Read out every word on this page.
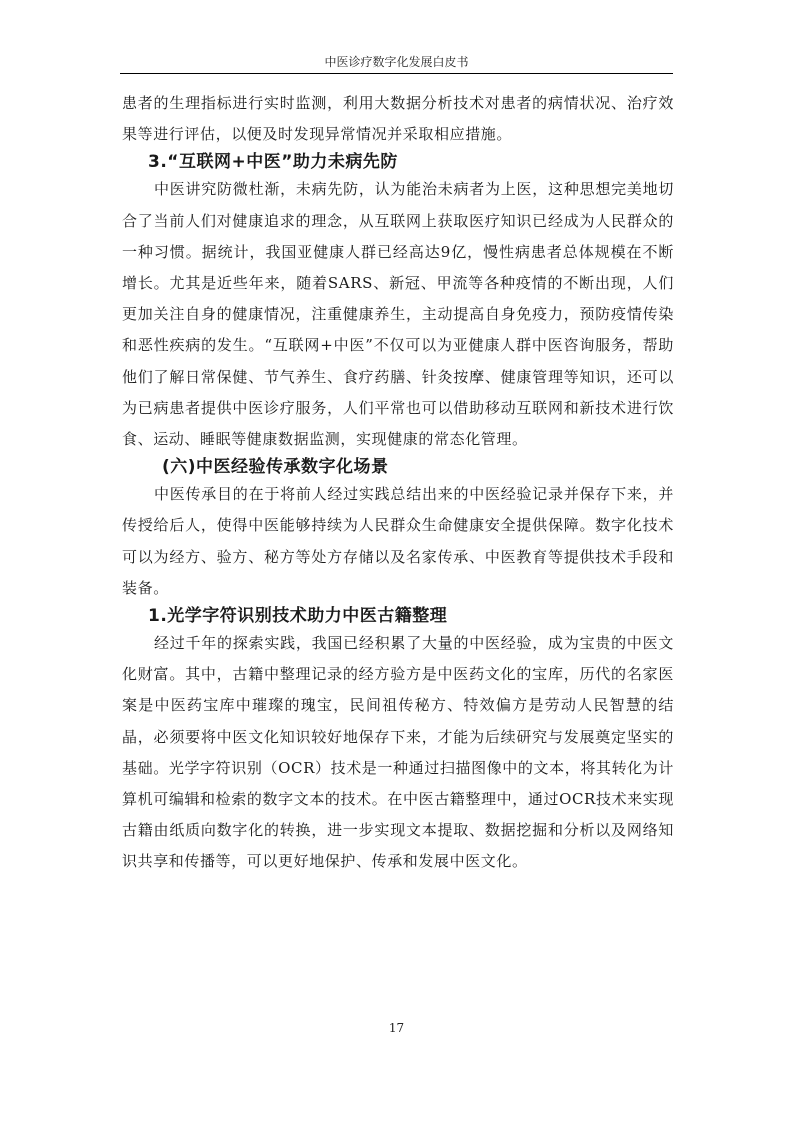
中医诊疗数字化发展白皮书

患者的生理指标进行实时监测，利用大数据分析技术对患者的病情状况、治疗效果等进行评估，以便及时发现异常情况并采取相应措施。

3.“互联网+中医”助力未病先防

中医讲究防微杜渐，未病先防，认为能治未病者为上医，这种思想完美地切合了当前人们对健康追求的理念，从互联网上获取医疗知识已经成为人民群众的一种习惯。据统计，我国亚健康人群已经高达9亿，慢性病患者总体规模在不断增长。尤其是近些年来，随着SARS、新冠、甲流等各种疫情的不断出现，人们更加关注自身的健康情况，注重健康养生，主动提高自身免疫力，预防疫情传染和恶性疾病的发生。“互联网+中医”不仅可以为亚健康人群中医咨询服务，帮助他们了解日常保健、节气养生、食疗药膳、针灸按摩、健康管理等知识，还可以为已病患者提供中医诊疗服务，人们平常也可以借助移动互联网和新技术进行饮食、运动、睡眠等健康数据监测，实现健康的常态化管理。

(六)中医经验传承数字化场景

中医传承目的在于将前人经过实践总结出来的中医经验记录并保存下来，并传授给后人，使得中医能够持续为人民群众生命健康安全提供保障。数字化技术可以为经方、验方、秘方等处方存储以及名家传承、中医教育等提供技术手段和装备。

1.光学字符识别技术助力中医古籍整理

经过千年的探索实践，我国已经积累了大量的中医经验，成为宝贵的中医文化财富。其中，古籍中整理记录的经方验方是中医药文化的宝库，历代的名家医案是中医药宝库中璀璨的瑰宝，民间祖传秘方、特效偏方是劳动人民智慧的结晶，必须要将中医文化知识较好地保存下来，才能为后续研究与发展奠定坚实的基础。光学字符识别（OCR）技术是一种通过扫描图像中的文本，将其转化为计算机可编辑和检索的数字文本的技术。在中医古籍整理中，通过OCR技术来实现古籍由纸质向数字化的转换，进一步实现文本提取、数据挖掘和分析以及网络知识共享和传播等，可以更好地保护、传承和发展中医文化。

17
